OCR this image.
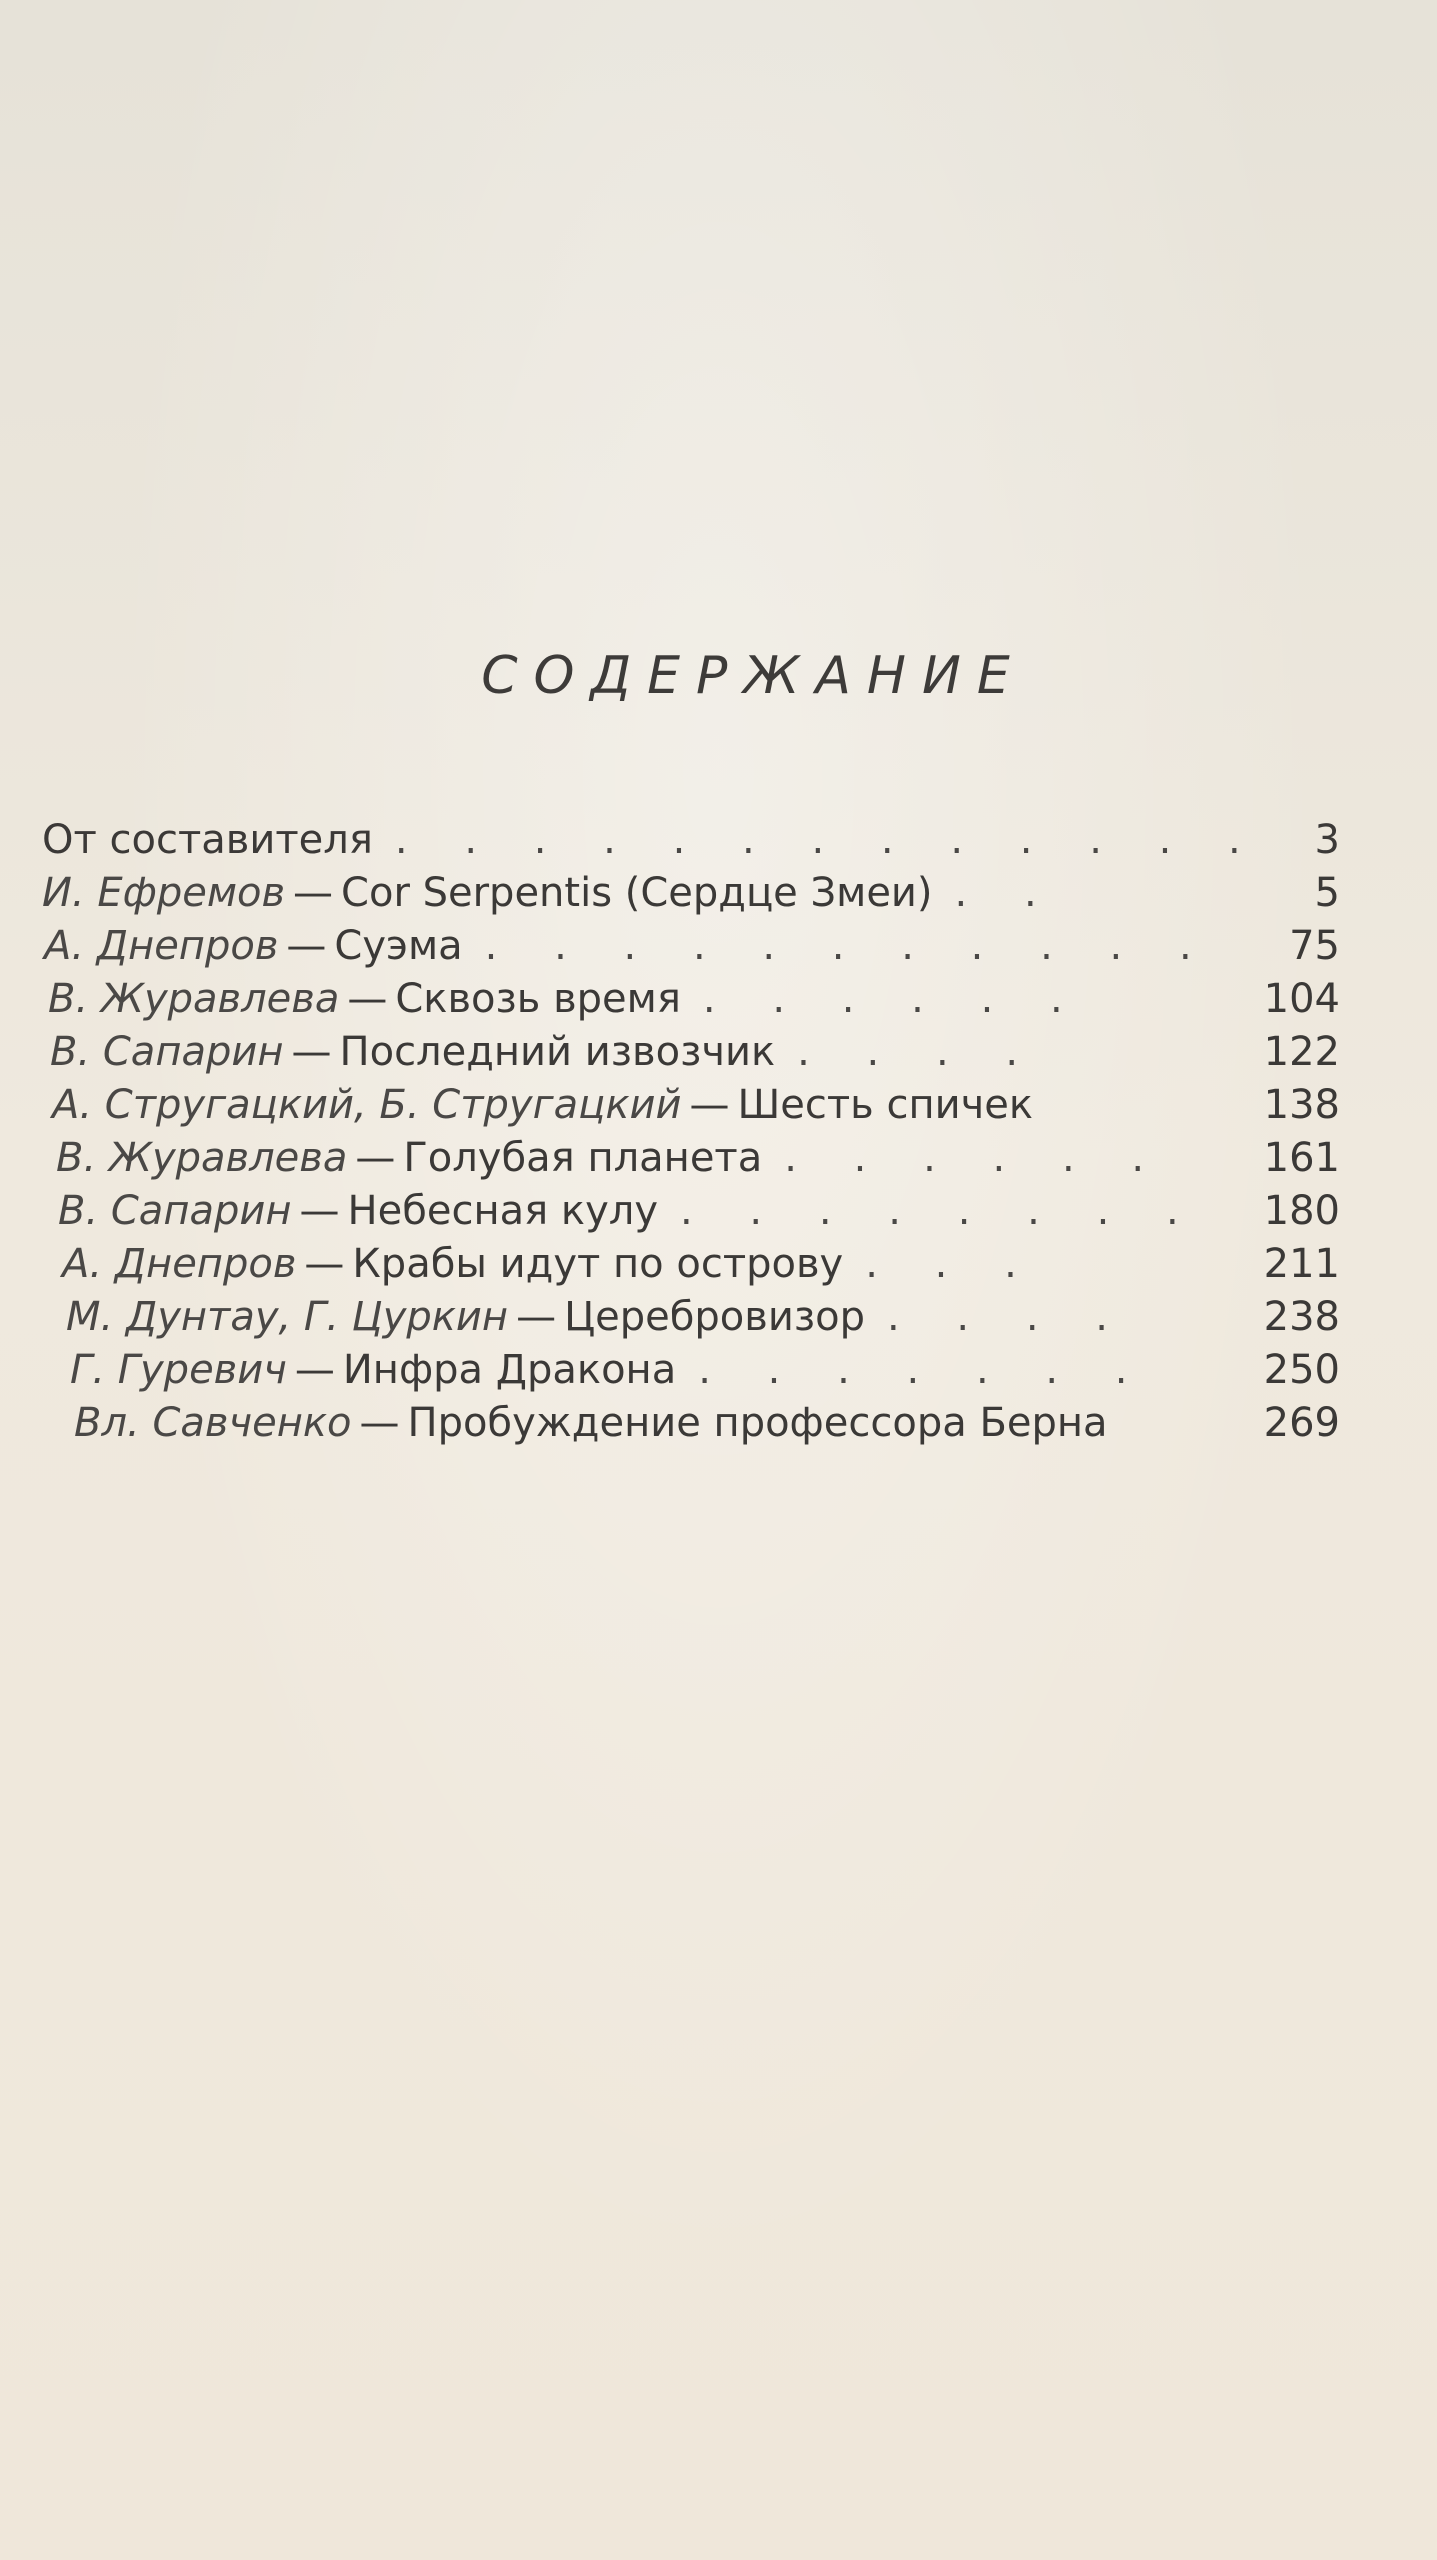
СОДЕРЖАНИЕ
От составителя . . . . . . . . . . . . . 3
И. Ефремов — Cor Serpentis (Сердце Змеи) . .	5
А. Днепров — Суэма . . . . . . . . . . . 75
В. Журавлева — Сквозь время . . . . . .	104
В. Сапарин — Последний извозчик . . . .	122
А. Стругацкий, Б. Стругацкий — Шесть спичек	138
В. Журавлева — Голубая планета . . . . . . 161
В. Сапарин — Небесная кулу . . . . . . . . 180
А. Днепров — Крабы идут по острову . . .	211
М. Дунтау, Г. Цуркин — Церебровизор . . . .	238
Г. Гуревич — Инфра Дракона . . . . . . .	250
Вл. Савченко — Пробуждение профессора Берна	269
